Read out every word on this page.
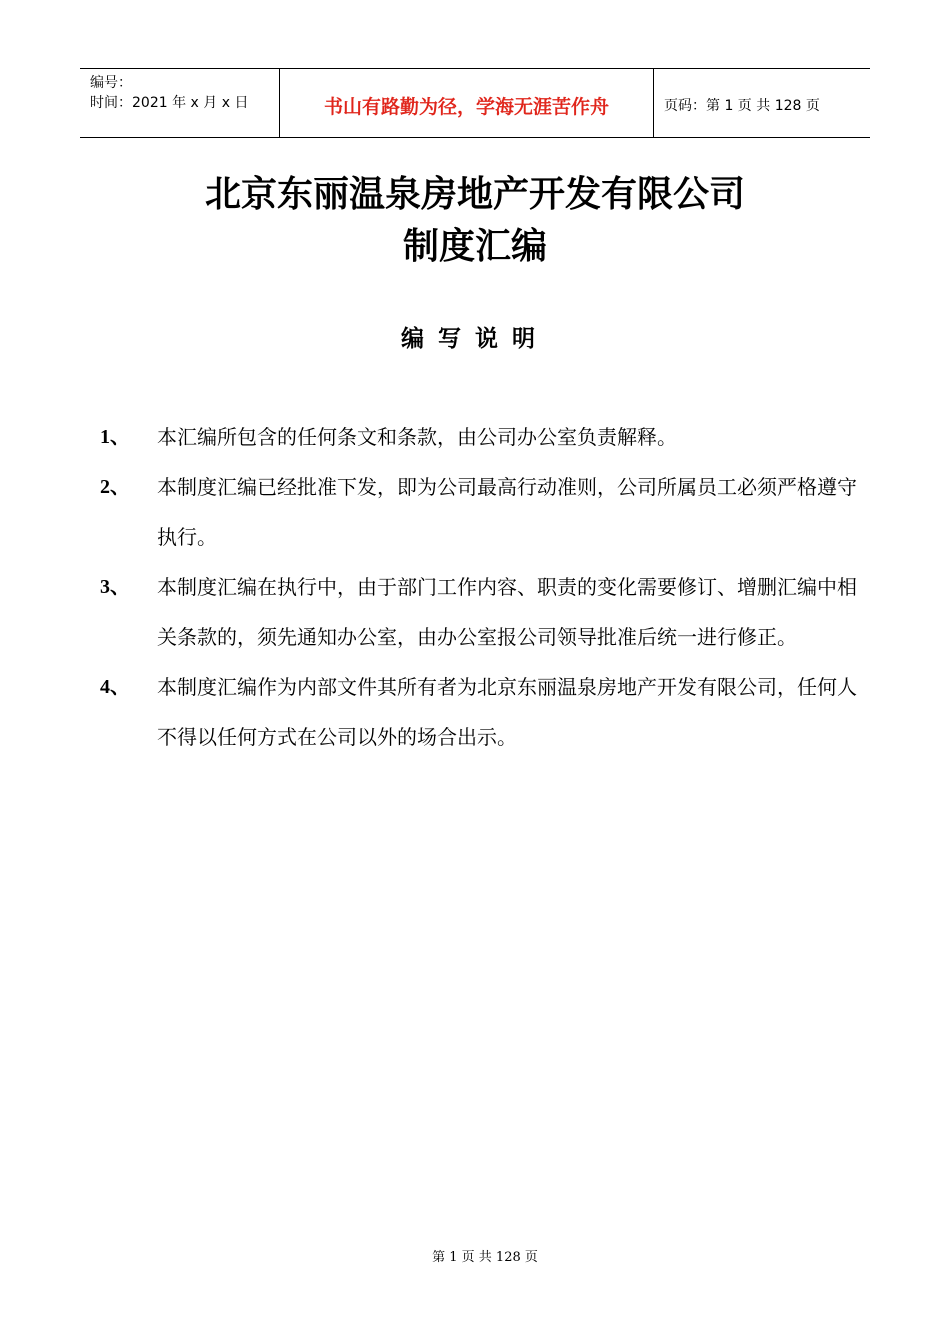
编号：
时间：2021 年 x 月 x 日	书山有路勤为径，学海无涯苦作舟	页码：第 1 页 共 128 页
北京东丽温泉房地产开发有限公司
制度汇编
编写说明
1、	本汇编所包含的任何条文和条款，由公司办公室负责解释。
2、	本制度汇编已经批准下发，即为公司最高行动准则，公司所属员工必须严格遵守执行。
3、	本制度汇编在执行中，由于部门工作内容、职责的变化需要修订、增删汇编中相关条款的，须先通知办公室，由办公室报公司领导批准后统一进行修正。
4、	本制度汇编作为内部文件其所有者为北京东丽温泉房地产开发有限公司，任何人不得以任何方式在公司以外的场合出示。
第 1 页 共 128 页
